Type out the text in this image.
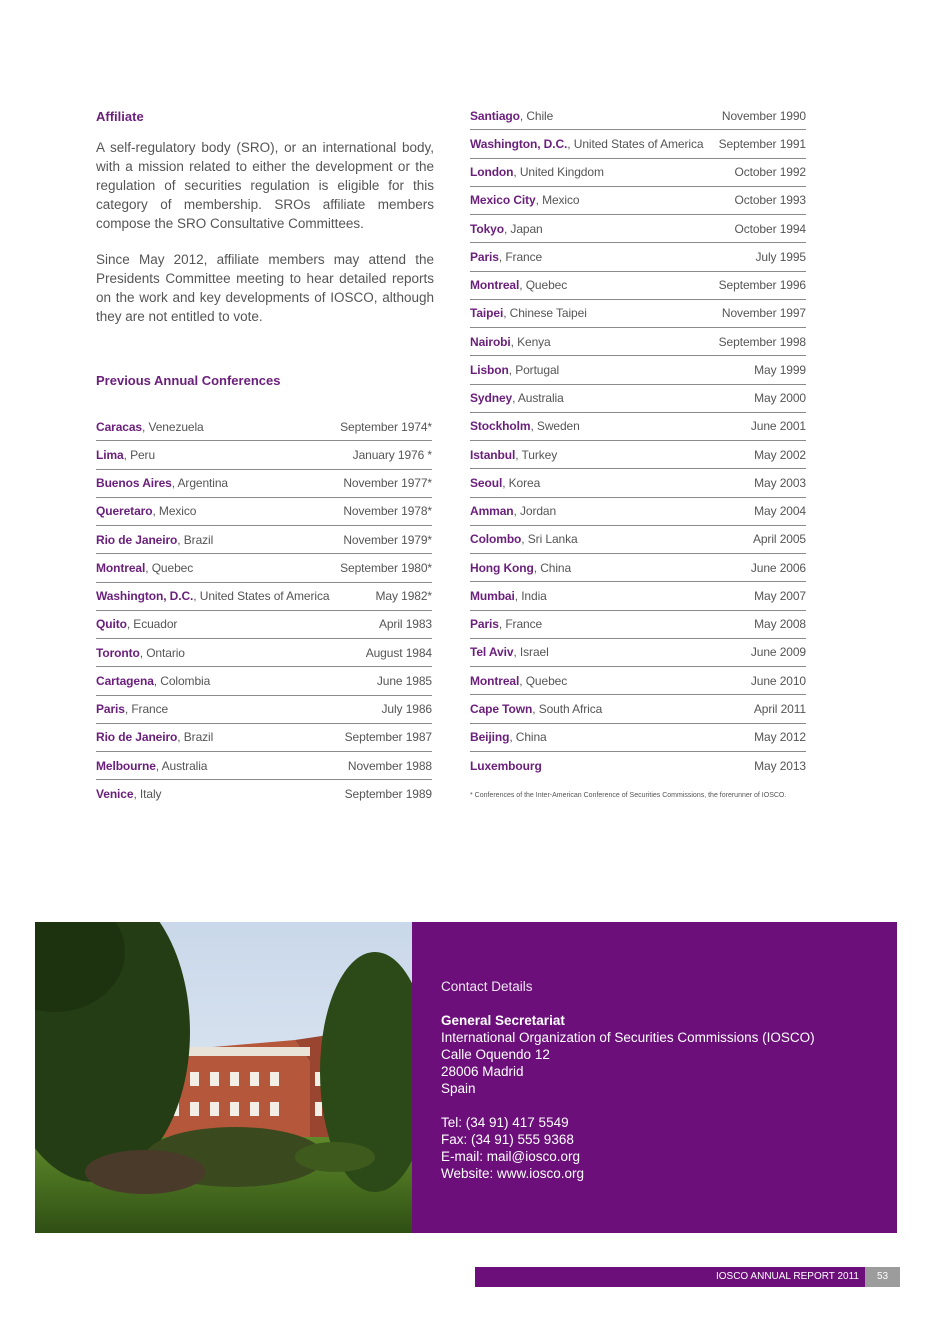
Affiliate

A self-regulatory body (SRO), or an international body, with a mission related to either the development or the regulation of securities regulation is eligible for this category of membership. SROs affiliate members compose the SRO Consultative Committees.

Since May 2012, affiliate members may attend the Presidents Committee meeting to hear detailed reports on the work and key developments of IOSCO, although they are not entitled to vote.

Previous Annual Conferences
Caracas, Venezuela	September 1974*
Lima, Peru	January 1976 *
Buenos Aires, Argentina	November 1977*
Queretaro, Mexico	November 1978*
Rio de Janeiro, Brazil	November 1979*
Montreal, Quebec	September 1980*
Washington, D.C., United States of America	May 1982*
Quito, Ecuador	April 1983
Toronto, Ontario	August 1984
Cartagena, Colombia	June 1985
Paris, France	July 1986
Rio de Janeiro, Brazil	September 1987
Melbourne, Australia	November 1988
Venice, Italy	September 1989
Santiago, Chile	November 1990
Washington, D.C., United States of America September 1991
London, United Kingdom	October 1992
Mexico City, Mexico	October 1993
Tokyo, Japan	October 1994
Paris, France	July 1995
Montreal, Quebec	September 1996
Taipei, Chinese Taipei	November 1997
Nairobi, Kenya	September 1998
Lisbon, Portugal	May 1999
Sydney, Australia	May 2000
Stockholm, Sweden	June 2001
Istanbul, Turkey	May 2002
Seoul, Korea	May 2003
Amman, Jordan	May 2004
Colombo, Sri Lanka	April 2005
Hong Kong, China	June 2006
Mumbai, India	May 2007
Paris, France	May 2008
Tel Aviv, Israel	June 2009
Montreal, Quebec	June 2010
Cape Town, South Africa	April 2011
Beijing, China	May 2012
Luxembourg	May 2013
* Conferences of the Inter-American Conference of Securities Commissions, the forerunner of IOSCO.
Contact Details
General Secretariat
International Organization of Securities Commissions (IOSCO)
Calle Oquendo 12
28006 Madrid
Spain
Tel: (34 91) 417 5549
Fax: (34 91) 555 9368
E-mail: mail@iosco.org
Website: www.iosco.org
IOSCO ANNUAL REPORT 2011	53
